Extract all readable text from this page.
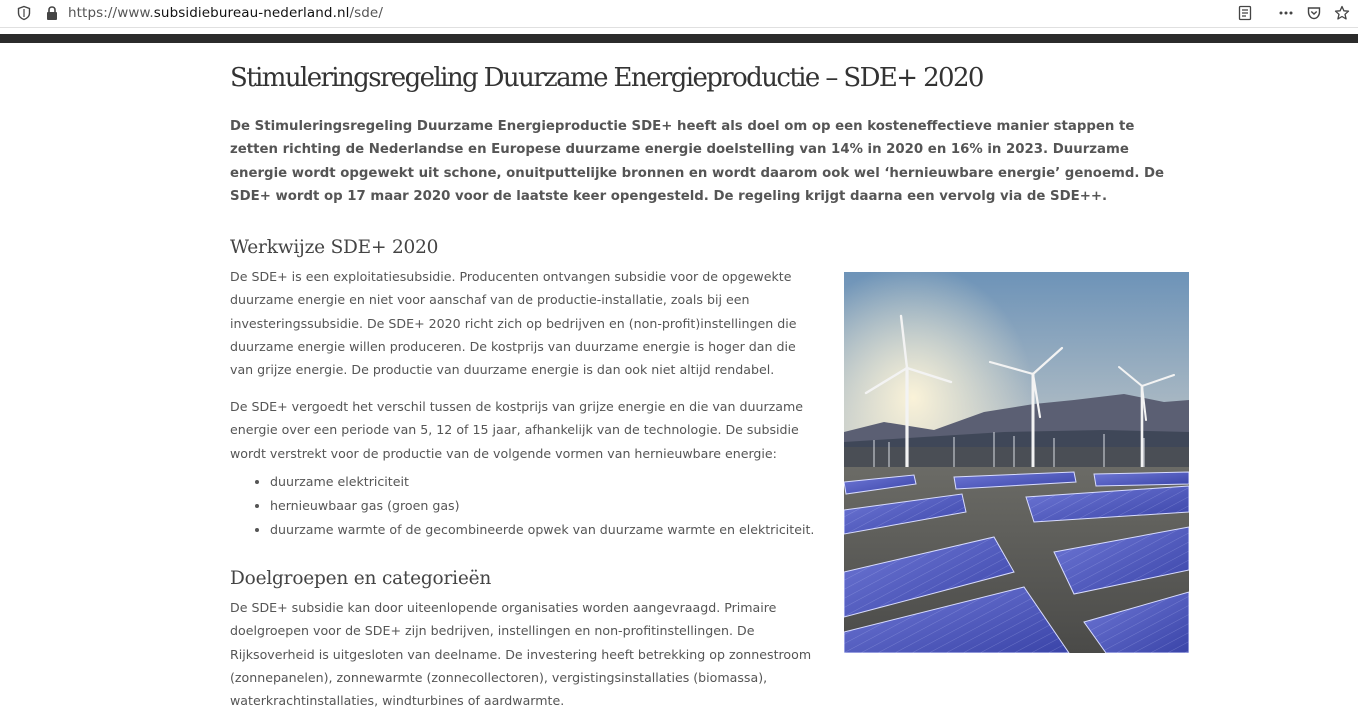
https://www.subsidiebureau-nederland.nl/sde/
Stimuleringsregeling Duurzame Energieproductie – SDE+ 2020

De Stimuleringsregeling Duurzame Energieproductie SDE+ heeft als doel om op een kosteneffectieve manier stappen te zetten richting de Nederlandse en Europese duurzame energie doelstelling van 14% in 2020 en 16% in 2023. Duurzame energie wordt opgewekt uit schone, onuitputtelijke bronnen en wordt daarom ook wel ‘hernieuwbare energie’ genoemd. De SDE+ wordt op 17 maar 2020 voor de laatste keer opengesteld. De regeling krijgt daarna een vervolg via de SDE++.

Werkwijze SDE+ 2020

De SDE+ is een exploitatiesubsidie. Producenten ontvangen subsidie voor de opgewekte duurzame energie en niet voor aanschaf van de productie-installatie, zoals bij een investeringssubsidie. De SDE+ 2020 richt zich op bedrijven en (non-profit)instellingen die duurzame energie willen produceren. De kostprijs van duurzame energie is hoger dan die van grijze energie. De productie van duurzame energie is dan ook niet altijd rendabel.

De SDE+ vergoedt het verschil tussen de kostprijs van grijze energie en die van duurzame energie over een periode van 5, 12 of 15 jaar, afhankelijk van de technologie. De subsidie wordt verstrekt voor de productie van de volgende vormen van hernieuwbare energie:

• duurzame elektriciteit
• hernieuwbaar gas (groen gas)
• duurzame warmte of de gecombineerde opwek van duurzame warmte en elektriciteit.
Doelgroepen en categorieën

De SDE+ subsidie kan door uiteenlopende organisaties worden aangevraagd. Primaire doelgroepen voor de SDE+ zijn bedrijven, instellingen en non-profitinstellingen. De Rijksoverheid is uitgesloten van deelname. De investering heeft betrekking op zonnestroom (zonnepanelen), zonnewarmte (zonnecollectoren), vergistingsinstallaties (biomassa), waterkrachtinstallaties, windturbines of aardwarmte.
